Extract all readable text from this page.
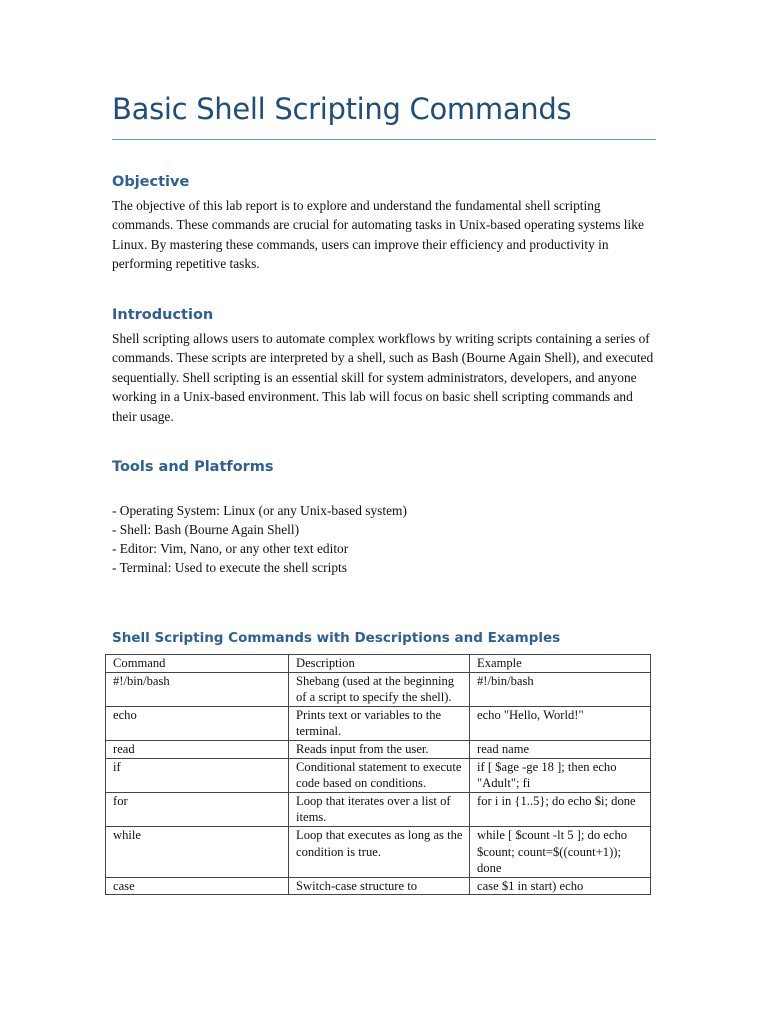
Basic Shell Scripting Commands
Objective
The objective of this lab report is to explore and understand the fundamental shell scripting commands. These commands are crucial for automating tasks in Unix-based operating systems like Linux. By mastering these commands, users can improve their efficiency and productivity in performing repetitive tasks.
Introduction
Shell scripting allows users to automate complex workflows by writing scripts containing a series of commands. These scripts are interpreted by a shell, such as Bash (Bourne Again Shell), and executed sequentially. Shell scripting is an essential skill for system administrators, developers, and anyone working in a Unix-based environment. This lab will focus on basic shell scripting commands and their usage.
Tools and Platforms
- Operating System: Linux (or any Unix-based system)
- Shell: Bash (Bourne Again Shell)
- Editor: Vim, Nano, or any other text editor
- Terminal: Used to execute the shell scripts
Shell Scripting Commands with Descriptions and Examples
Command	Description	Example
#!/bin/bash	Shebang (used at the beginning of a script to specify the shell).	#!/bin/bash
echo	Prints text or variables to the terminal.	echo "Hello, World!"
read	Reads input from the user.	read name
if	Conditional statement to execute code based on conditions.	if [ $age -ge 18 ]; then echo "Adult"; fi
for	Loop that iterates over a list of items.	for i in {1..5}; do echo $i; done
while	Loop that executes as long as the condition is true.	while [ $count -lt 5 ]; do echo $count; count=$((count+1)); done
case	Switch-case structure to	case $1 in start) echo
